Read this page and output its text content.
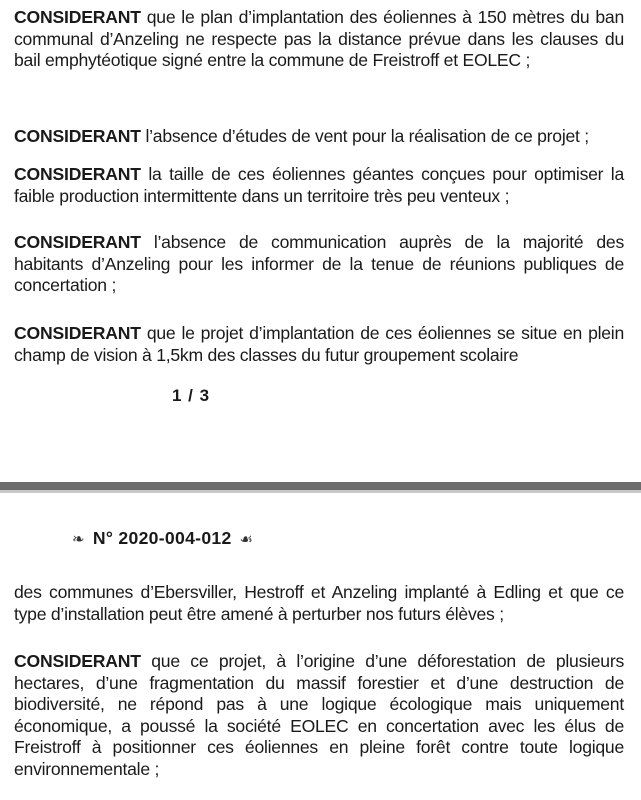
CONSIDERANT que le plan d’implantation des éoliennes à 150 mètres du ban communal d’Anzeling ne respecte pas la distance prévue dans les clauses du bail emphytéotique signé entre la commune de Freistroff et EOLEC ;

CONSIDERANT l’absence d’études de vent pour la réalisation de ce projet ;

CONSIDERANT la taille de ces éoliennes géantes conçues pour optimiser la faible production intermittente dans un territoire très peu venteux ;

CONSIDERANT l’absence de communication auprès de la majorité des habitants d’Anzeling pour les informer de la tenue de réunions publiques de concertation ;

CONSIDERANT que le projet d’implantation de ces éoliennes se situe en plein champ de vision à 1,5km des classes du futur groupement scolaire

1 / 3
❧ N° 2020-004-012 ☙

des communes d’Ebersviller, Hestroff et Anzeling implanté à Edling et que ce type d’installation peut être amené à perturber nos futurs élèves ;

CONSIDERANT que ce projet, à l’origine d’une déforestation de plusieurs hectares, d’une fragmentation du massif forestier et d’une destruction de biodiversité, ne répond pas à une logique écologique mais uniquement économique, a poussé la société EOLEC en concertation avec les élus de Freistroff à positionner ces éoliennes en pleine forêt contre toute logique environnementale ;
